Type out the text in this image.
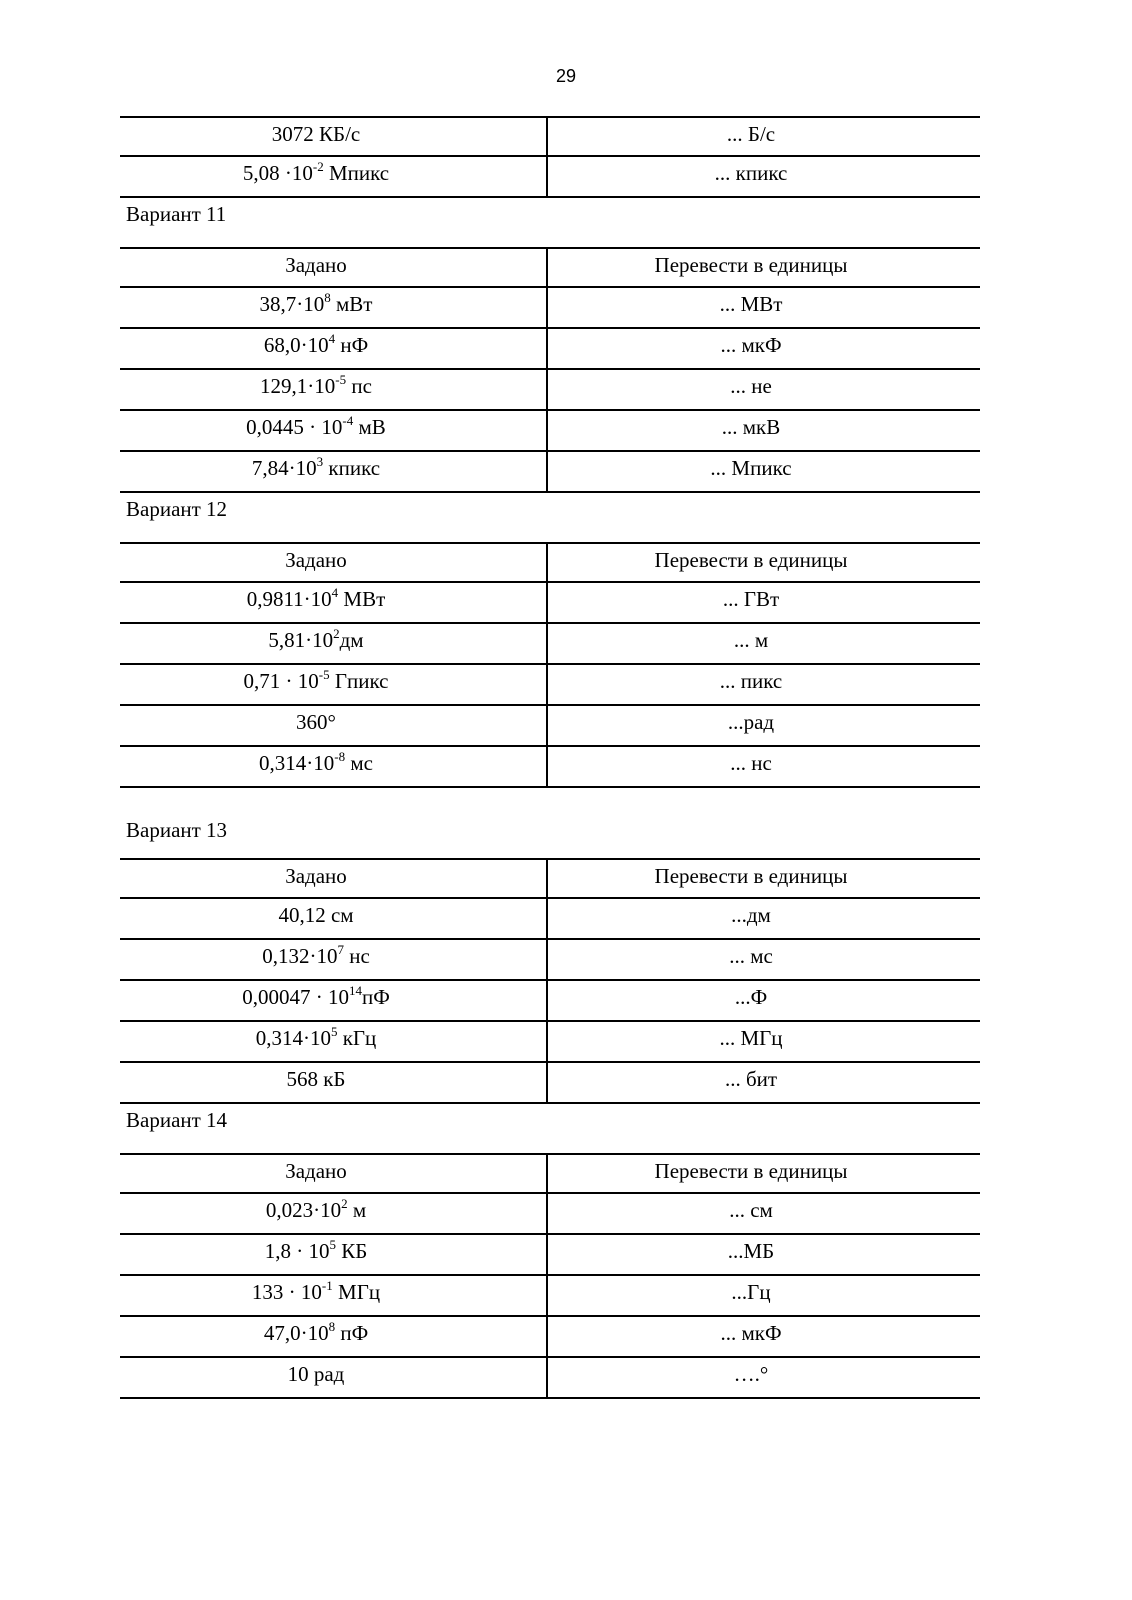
29
3072 КБ/с	... Б/с
$5,08 \cdot 10^{-2}$ Мпикс	... кпикс
Вариант 11
Задано	Перевести в единицы
$38,7\cdot 10^8$ мВт	... МВт
$68,0\cdot 10^4$ нФ	... мкФ
$129,1\cdot 10^{-5}$ пс	... не
$0,0445 \cdot 10^{-4}$ мВ	... мкВ
$7,84\cdot 10^3$ кпикс	... Мпикс
Вариант 12
Задано	Перевести в единицы
$0,9811\cdot 10^4$ МВт	... ГВт
$5,81\cdot 10^2дм$	... м
$0,71 \cdot 10^{-5}$ Гпикс	... пикс
360°	...рад
$0,314\cdot 10^{-8}$ мс	... нс
Вариант 13
Задано	Перевести в единицы
40,12 см	...дм
$0,132\cdot 10^7$ нс	... мс
$0,00047 \cdot 10^{14}пФ$	...Ф
$0,314\cdot 10^5$ кГц	... МГц
568 кБ	... бит
Вариант 14
Задано	Перевести в единицы
$0,023\cdot 10^2$ м	... см
$1,8 \cdot 10^5$ КБ	...МБ
$133 \cdot 10^{-1}$ МГц	...Гц
$47,0\cdot 10^8$ пФ	... мкФ
10 рад	….°
